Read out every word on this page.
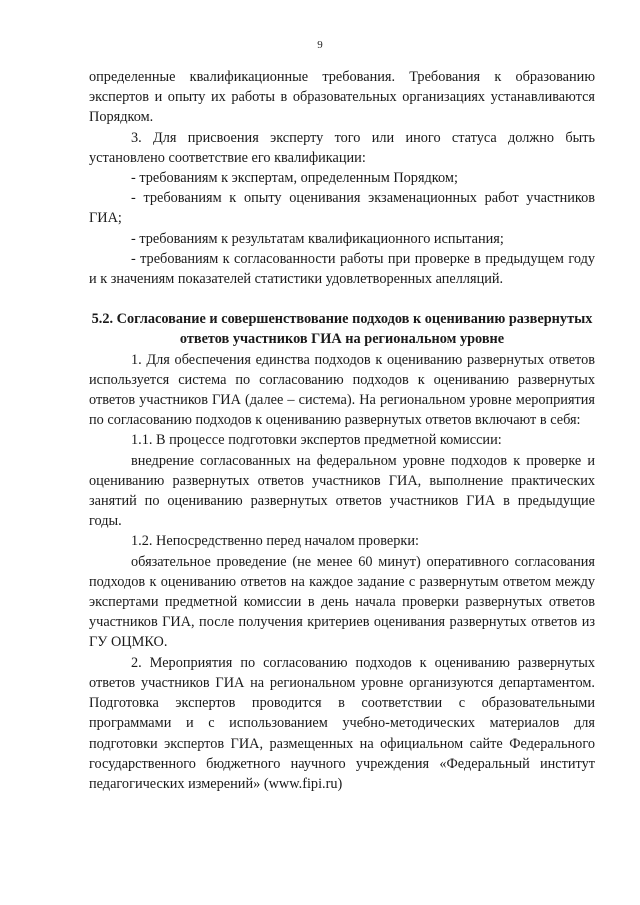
9

определенные квалификационные требования. Требования к образованию экспертов и опыту их работы в образовательных организациях устанавливаются Порядком.

3. Для присвоения эксперту того или иного статуса должно быть установлено соответствие его квалификации:

- требованиям к экспертам, определенным Порядком;

- требованиям к опыту оценивания экзаменационных работ участников ГИА;

- требованиям к результатам квалификационного испытания;

- требованиям к согласованности работы при проверке в предыдущем году и к значениям показателей статистики удовлетворенных апелляций.

5.2. Согласование и совершенствование подходов к оцениванию развернутых ответов участников ГИА на региональном уровне

1. Для обеспечения единства подходов к оцениванию развернутых ответов используется система по согласованию подходов к оцениванию развернутых ответов участников ГИА (далее – система). На региональном уровне мероприятия по согласованию подходов к оцениванию развернутых ответов включают в себя:

1.1. В процессе подготовки экспертов предметной комиссии:

внедрение согласованных на федеральном уровне подходов к проверке и оцениванию развернутых ответов участников ГИА, выполнение практических занятий по оцениванию развернутых ответов участников ГИА в предыдущие годы.

1.2. Непосредственно перед началом проверки:

обязательное проведение (не менее 60 минут) оперативного согласования подходов к оцениванию ответов на каждое задание с развернутым ответом между экспертами предметной комиссии в день начала проверки развернутых ответов участников ГИА, после получения критериев оценивания развернутых ответов из ГУ ОЦМКО.

2. Мероприятия по согласованию подходов к оцениванию развернутых ответов участников ГИА на региональном уровне организуются департаментом. Подготовка экспертов проводится в соответствии с образовательными программами и с использованием учебно-методических материалов для подготовки экспертов ГИА, размещенных на официальном сайте Федерального государственного бюджетного научного учреждения «Федеральный институт педагогических измерений» (www.fipi.ru)
